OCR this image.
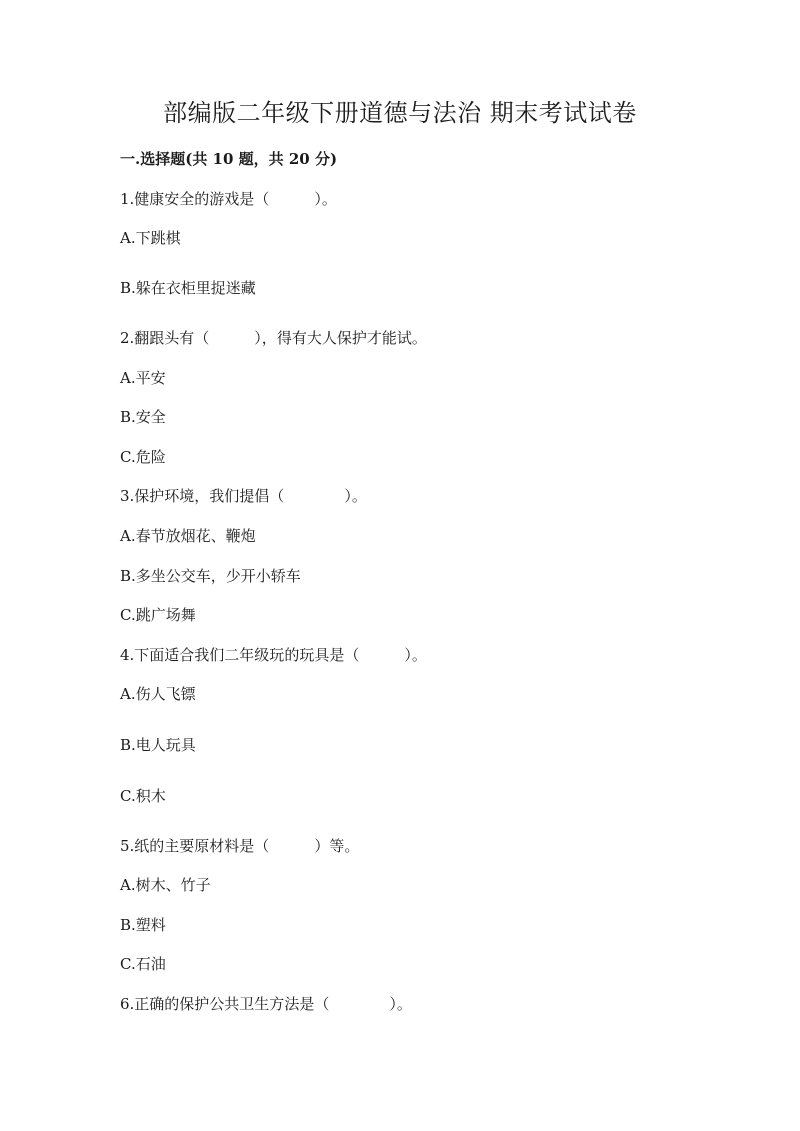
部编版二年级下册道德与法治 期末考试试卷
一.选择题(共 10 题，共 20 分)
1.健康安全的游戏是（　　　）。
A.下跳棋
B.躲在衣柜里捉迷藏
2.翻跟头有（　　　），得有大人保护才能试。
A.平安
B.安全
C.危险
3.保护环境，我们提倡（　　　　）。
A.春节放烟花、鞭炮
B.多坐公交车，少开小轿车
C.跳广场舞
4.下面适合我们二年级玩的玩具是（　　　）。
A.伤人飞镖
B.电人玩具
C.积木
5.纸的主要原材料是（　　　）等。
A.树木、竹子
B.塑料
C.石油
6.正确的保护公共卫生方法是（　　　　）。
